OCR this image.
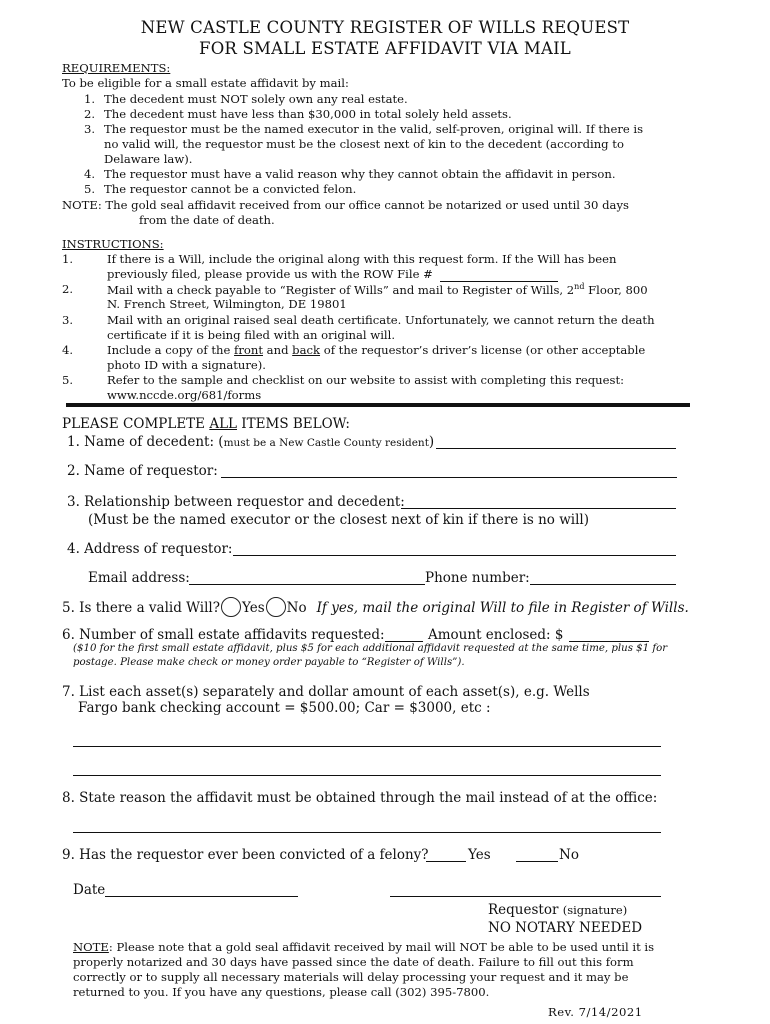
NEW CASTLE COUNTY REGISTER OF WILLS REQUEST
FOR SMALL ESTATE AFFIDAVIT VIA MAIL
REQUIREMENTS:
To be eligible for a small estate affidavit by mail:
1. The decedent must NOT solely own any real estate.
2. The decedent must have less than $30,000 in total solely held assets.
3. The requestor must be the named executor in the valid, self-proven, original will. If there is
no valid will, the requestor must be the closest next of kin to the decedent (according to
Delaware law).
4. The requestor must have a valid reason why they cannot obtain the affidavit in person.
5. The requestor cannot be a convicted felon.
NOTE: The gold seal affidavit received from our office cannot be notarized or used until 30 days
from the date of death.
INSTRUCTIONS:
1.	If there is a Will, include the original along with this request form. If the Will has been
previously filed, please provide us with the ROW File #
2.	Mail with a check payable to “Register of Wills” and mail to Register of Wills, 2nd Floor, 800
N. French Street, Wilmington, DE 19801
3.	Mail with an original raised seal death certificate. Unfortunately, we cannot return the death
certificate if it is being filed with an original will.
4.	Include a copy of the front and back of the requestor’s driver’s license (or other acceptable
photo ID with a signature).
5.	Refer to the sample and checklist on our website to assist with completing this request:
www.nccde.org/681/forms
PLEASE COMPLETE ALL ITEMS BELOW:
1. Name of decedent: (must be a New Castle County resident)
2. Name of requestor:
3. Relationship between requestor and decedent:
(Must be the named executor or the closest next of kin if there is no will)
4. Address of requestor:
Email address:	Phone number:
5. Is there a valid Will? Yes No If yes, mail the original Will to file in Register of Wills.
6. Number of small estate affidavits requested:	Amount enclosed: $
($10 for the first small estate affidavit, plus $5 for each additional affidavit requested at the same time, plus $1 for
postage. Please make check or money order payable to “Register of Wills”).
7. List each asset(s) separately and dollar amount of each asset(s), e.g. Wells
Fargo bank checking account = $500.00; Car = $3000, etc :
8. State reason the affidavit must be obtained through the mail instead of at the office:
9. Has the requestor ever been convicted of a felony?	Yes	No
Date
Requestor (signature)
NO NOTARY NEEDED
NOTE: Please note that a gold seal affidavit received by mail will NOT be able to be used until it is
properly notarized and 30 days have passed since the date of death. Failure to fill out this form
correctly or to supply all necessary materials will delay processing your request and it may be
returned to you. If you have any questions, please call (302) 395-7800.
Rev. 7/14/2021
